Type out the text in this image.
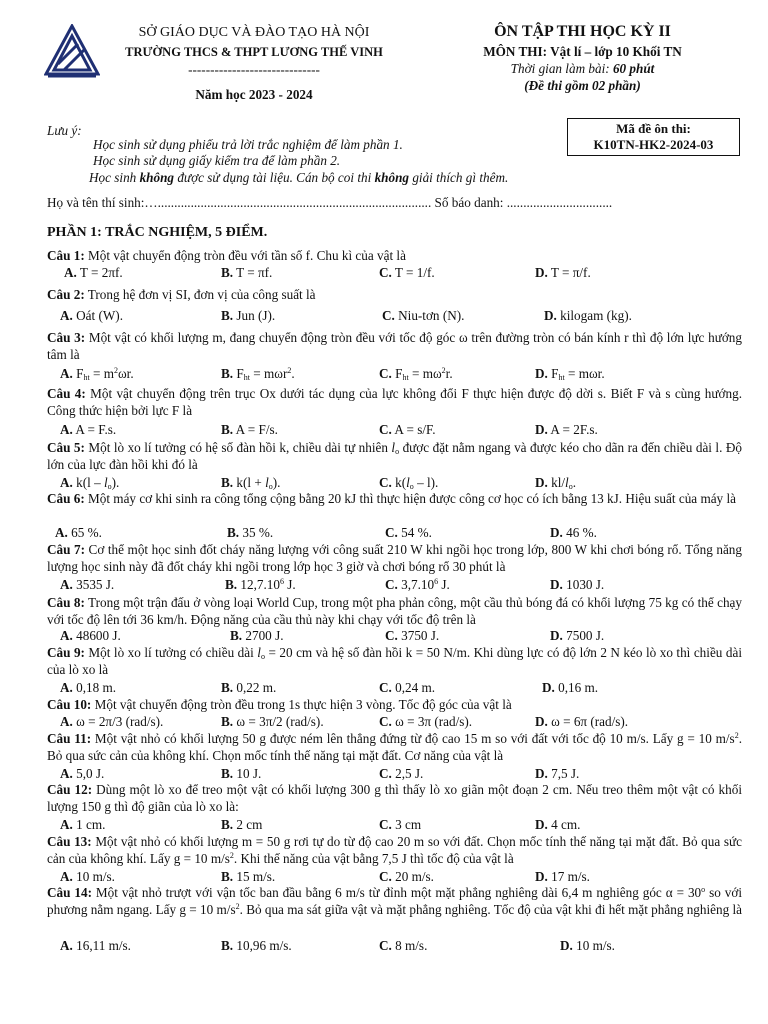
SỞ GIÁO DỤC VÀ ĐÀO TẠO HÀ NỘI
TRƯỜNG THCS & THPT LƯƠNG THẾ VINH
------------------------------
Năm học 2023 - 2024
ÔN TẬP THI HỌC KỲ II
MÔN THI: Vật lí – lớp 10 Khối TN
Thời gian làm bài: 60 phút
(Đề thi gồm 02 phần)
Lưu ý:
Học sinh sử dụng phiếu trả lời trắc nghiệm để làm phần 1.
Học sinh sử dụng giấy kiểm tra để làm phần 2.
Học sinh không được sử dụng tài liệu. Cán bộ coi thi không giải thích gì thêm.
Mã đề ôn thi:
K10TN-HK2-2024-03
Họ và tên thí sinh:…................................................................................... Số báo danh: ................................
PHẦN 1: TRẮC NGHIỆM, 5 ĐIỂM.
Câu 1: Một vật chuyển động tròn đều với tần số f. Chu kì của vật là
A. T = 2πf.	B. T = πf.	C. T = 1/f.	D. T = π/f.
Câu 2: Trong hệ đơn vị SI, đơn vị của công suất là
A. Oát (W).	B. Jun (J).	C. Niu-tơn (N).	D. kilogam (kg).
Câu 3: Một vật có khối lượng m, đang chuyển động tròn đều với tốc độ góc ω trên đường tròn có bán kính r thì độ lớn lực hướng tâm là
A. $F_{ht} = m^2\omega r$.	B. $F_{ht} = m\omega r^2$.	C. $F_{ht} = m\omega^2r$.	D. $F_{ht} = m\omega r$.
Câu 4: Một vật chuyển động trên trục Ox dưới tác dụng của lực không đổi F thực hiện được độ dời s. Biết F và s cùng hướng. Công thức hiện bởi lực F là
A. A = F.s.	B. A = F/s.	C. A = s/F.	D. A = 2F.s.
Câu 5: Một lò xo lí tưởng có hệ số đàn hồi k, chiều dài tự nhiên $l_o$ được đặt nằm ngang và được kéo cho dãn ra đến chiều dài l. Độ lớn của lực đàn hồi khi đó là
A. $k(l - l_o)$.	B. $k(l + l_o)$.	C. $k(l_o - l)$.	D. $kl/l_o$.
Câu 6: Một máy cơ khi sinh ra công tổng cộng bằng 20 kJ thì thực hiện được công cơ học có ích bằng 13 kJ. Hiệu suất của máy là
A. 65 %.	B. 35 %.	C. 54 %.	D. 46 %.
Câu 7: Cơ thể một học sinh đốt cháy năng lượng với công suất 210 W khi ngồi học trong lớp, 800 W khi chơi bóng rổ. Tổng năng lượng học sinh này đã đốt cháy khi ngồi trong lớp học 3 giờ và chơi bóng rổ 30 phút là
A. 3535 J.	B. 12,7.10$^6$ J.	C. 3,7.10$^6$ J.	D. 1030 J.
Câu 8: Trong một trận đấu ở vòng loại World Cup, trong một pha phản công, một cầu thủ bóng đá có khối lượng 75 kg có thể chạy với tốc độ lên tới 36 km/h. Động năng của cầu thủ này khi chạy với tốc độ trên là
A. 48600 J.	B. 2700 J.	C. 3750 J.	D. 7500 J.
Câu 9: Một lò xo lí tưởng có chiều dài $l_o = 20$ cm và hệ số đàn hồi k = 50 N/m. Khi dùng lực có độ lớn 2 N kéo lò xo thì chiều dài của lò xo là
A. 0,18 m.	B. 0,22 m.	C. 0,24 m.	D. 0,16 m.
Câu 10: Một vật chuyển động tròn đều trong 1s thực hiện 3 vòng. Tốc độ góc của vật là
A. ω = 2π/3 (rad/s).	B. ω = 3π/2 (rad/s).	C. ω = 3π (rad/s).	D. ω = 6π (rad/s).
Câu 11: Một vật nhỏ có khối lượng 50 g được ném lên thẳng đứng từ độ cao 15 m so với đất với tốc độ 10 m/s. Lấy g = 10 $m/s^2$. Bỏ qua sức cản của không khí. Chọn mốc tính thế năng tại mặt đất. Cơ năng của vật là
A. 5,0 J.	B. 10 J.	C. 2,5 J.	D. 7,5 J.
Câu 12: Dùng một lò xo để treo một vật có khối lượng 300 g thì thấy lò xo giãn một đoạn 2 cm. Nếu treo thêm một vật có khối lượng 150 g thì độ giãn của lò xo là:
A. 1 cm.	B. 2 cm	C. 3 cm	D. 4 cm.
Câu 13: Một vật nhỏ có khối lượng m = 50 g rơi tự do từ độ cao 20 m so với đất. Chọn mốc tính thế năng tại mặt đất. Bỏ qua sức cản của không khí. Lấy g = 10 $m/s^2$. Khi thế năng của vật bằng 7,5 J thì tốc độ của vật là
A. 10 m/s.	B. 15 m/s.	C. 20 m/s.	D. 17 m/s.
Câu 14: Một vật nhỏ trượt với vận tốc ban đầu bằng 6 m/s từ đỉnh một mặt phẳng nghiêng dài 6,4 m nghiêng góc $\alpha = 30^o$ so với phương nằm ngang. Lấy g = 10 $m/s^2$. Bỏ qua ma sát giữa vật và mặt phẳng nghiêng. Tốc độ của vật khi đi hết mặt phẳng nghiêng là
A. 16,11 m/s.	B. 10,96 m/s.	C. 8 m/s.	D. 10 m/s.
